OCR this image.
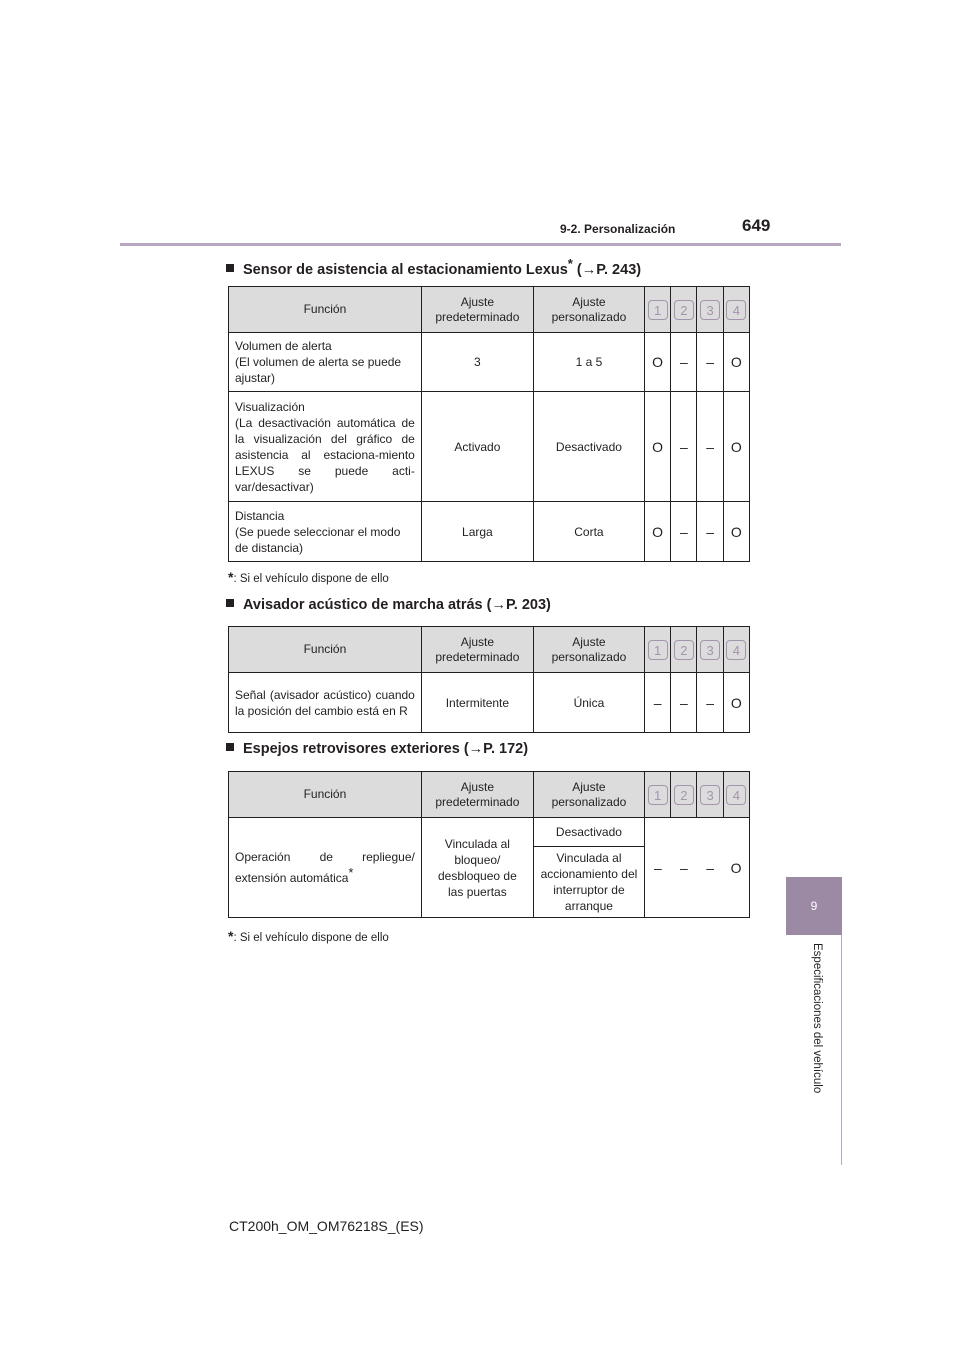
9-2. Personalización	649
9
Especificaciones del vehículo
Sensor de asistencia al estacionamiento Lexus* (→P. 243)
Función	Ajuste predeterminado	Ajuste personalizado	1	2	3	4

Volumen de alerta
(El volumen de alerta se puede ajustar)	3	1 a 5	O	–	–	O

Visualización
(La desactivación automática de la visualización del gráfico de asistencia al estaciona-miento LEXUS se puede acti-var/desactivar)	Activado	Desactivado	O	–	–	O

Distancia
(Se puede seleccionar el modo de distancia)	Larga	Corta	O	–	–	O
*: Si el vehículo dispone de ello
Avisador acústico de marcha atrás (→P. 203)
Función	Ajuste predeterminado	Ajuste personalizado	1	2	3	4
Señal (avisador acústico) cuando la posición del cambio está en R	Intermitente	Única	–	–	–	O
Espejos retrovisores exteriores (→P. 172)
Función	Ajuste predeterminado	Ajuste personalizado	1	2	3	4
Operación de repliegue/ extensión automática*	Vinculada al bloqueo/ desbloqueo de las puertas	Desactivado	–	–	–	O
		Vinculada al accionamiento del interruptor de arranque				
*: Si el vehículo dispone de ello
CT200h_OM_OM76218S_(ES)
